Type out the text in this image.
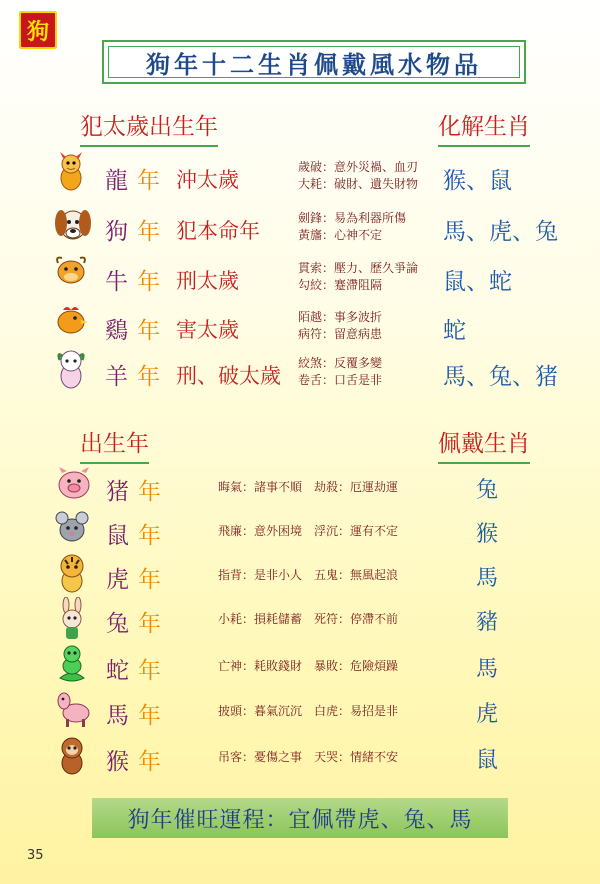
狗
狗年十二生肖佩戴風水物品
犯太歲出生年	化解生肖
龍 年 沖太歲
歲破：意外災禍、血刃
大耗：破財、遺失財物 猴、鼠
狗 年 犯本命年
劍鋒：易為利器所傷
黃旛：心神不定	馬、虎、兔
牛 年 刑太歲
貫索：壓力、歷久爭論
勾絞：蹇滯阻隔	鼠、蛇
鷄 年 害太歲
陌越：事多波折
病符：留意病患	蛇
羊 年 刑、破太歲
絞煞：反覆多變
卷舌：口舌是非	馬、兔、猪
出生年	佩戴生肖
猪 年	晦氣：諸事不順　劫殺：厄運劫運	兔
鼠 年	飛廉：意外困境　浮沉：運有不定	猴
虎 年	指背：是非小人　五鬼：無風起浪	馬
兔 年	小耗：損耗儲蓄　死符：停滯不前	豬
蛇 年	亡神：耗敗錢財　暴敗：危險煩躁	馬
馬 年	披頭：暮氣沉沉　白虎：易招是非	虎
猴 年	吊客：憂傷之事　天哭：情緒不安	鼠
狗年催旺運程：宜佩帶虎、兔、馬
35
